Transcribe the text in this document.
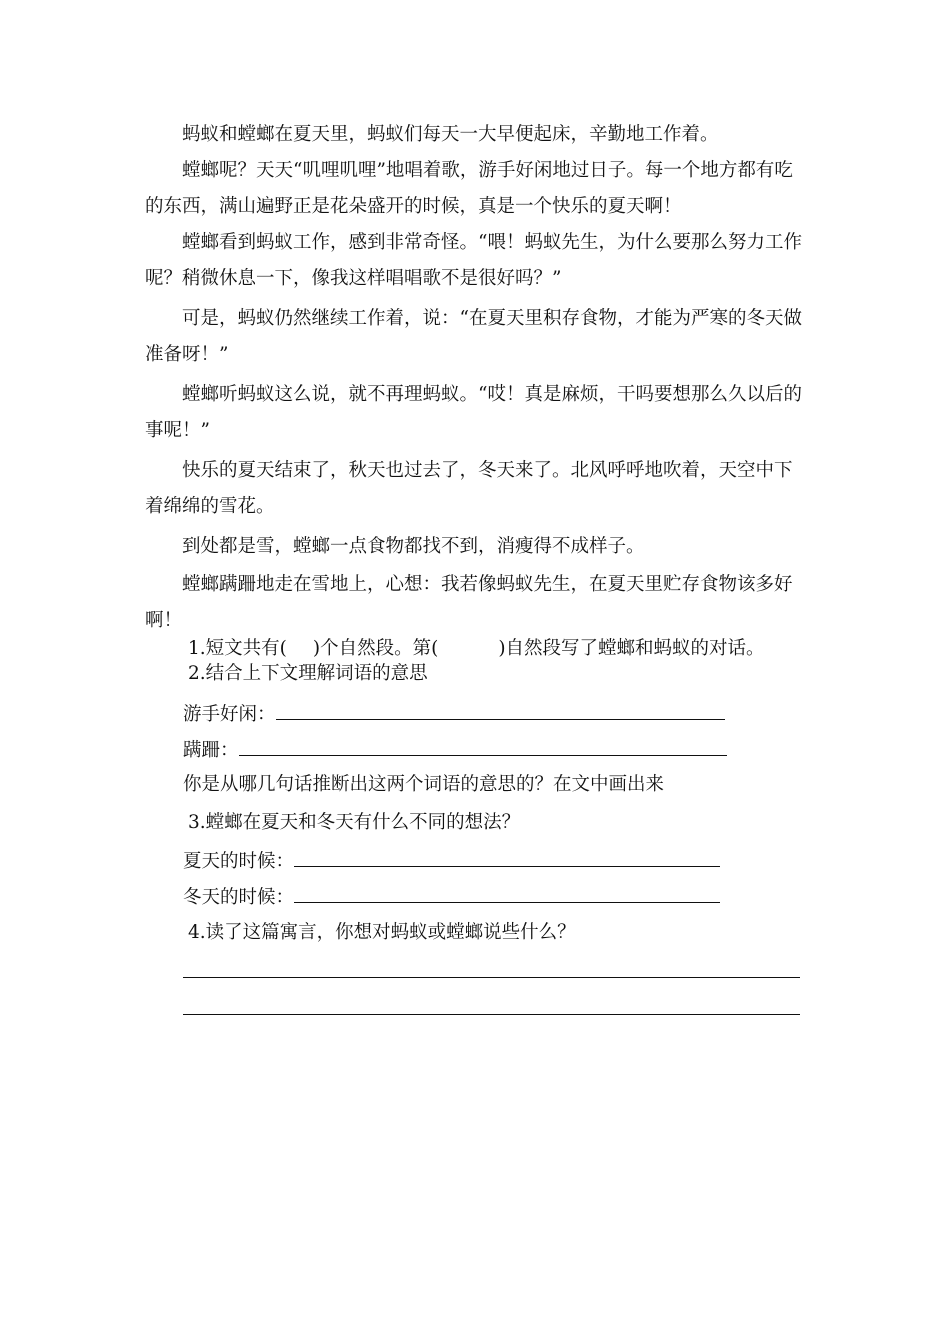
蚂蚁和螳螂在夏天里，蚂蚁们每天一大早便起床，辛勤地工作着。

螳螂呢？天天“叽哩叽哩”地唱着歌，游手好闲地过日子。每一个地方都有吃的东西，满山遍野正是花朵盛开的时候，真是一个快乐的夏天啊！

螳螂看到蚂蚁工作，感到非常奇怪。“喂！蚂蚁先生，为什么要那么努力工作呢？稍微休息一下，像我这样唱唱歌不是很好吗？”

可是，蚂蚁仍然继续工作着，说：“在夏天里积存食物，才能为严寒的冬天做准备呀！”

螳螂听蚂蚁这么说，就不再理蚂蚁。“哎！真是麻烦，干吗要想那么久以后的事呢！”

快乐的夏天结束了，秋天也过去了，冬天来了。北风呼呼地吹着，天空中下着绵绵的雪花。

到处都是雪，螳螂一点食物都找不到，消瘦得不成样子。

螳螂蹒跚地走在雪地上，心想：我若像蚂蚁先生，在夏天里贮存食物该多好啊！

1.短文共有( )个自然段。第(	)自然段写了螳螂和蚂蚁的对话。
2.结合上下文理解词语的意思
游手好闲：
蹒跚：
你是从哪几句话推断出这两个词语的意思的？在文中画出来
3.螳螂在夏天和冬天有什么不同的想法？
夏天的时候：
冬天的时候：
4.读了这篇寓言，你想对蚂蚁或螳螂说些什么？
